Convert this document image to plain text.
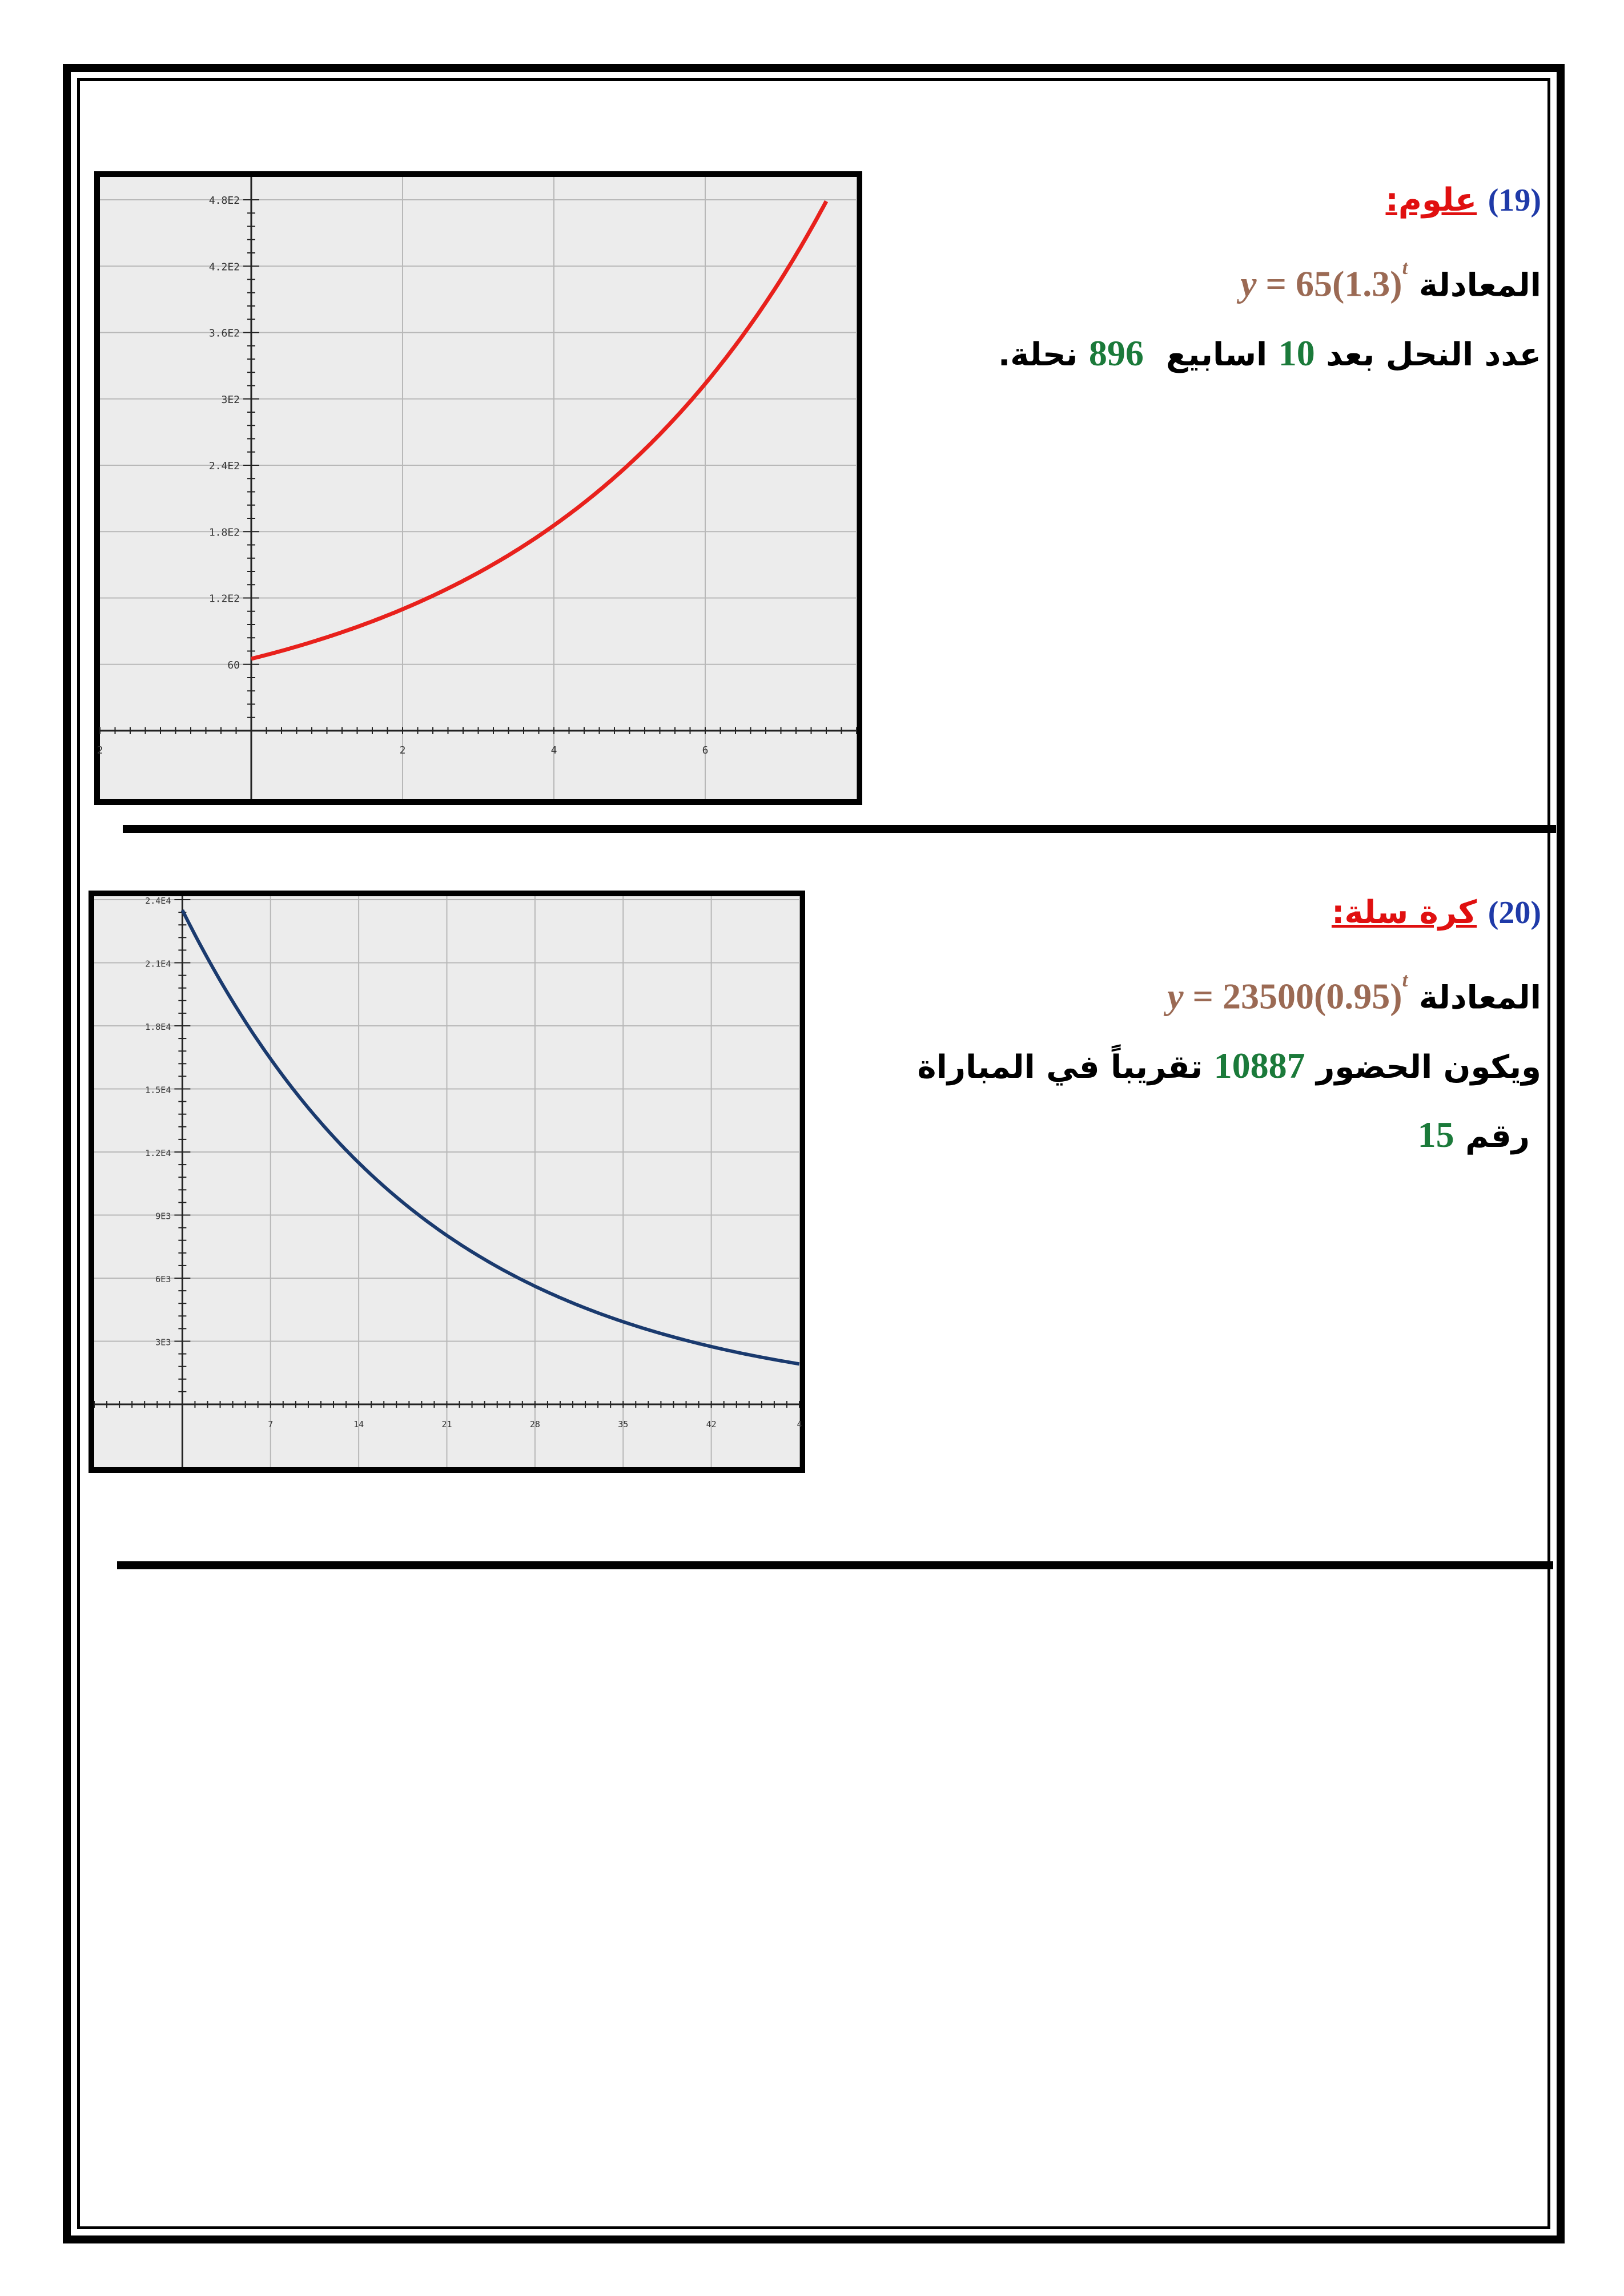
60
1.2E2
1.8E2
2.4E2
3E2
3.6E2
4.2E2
4.8E2
2	2	4	6
(19) علوم:
المعادلة $y = 65(1.3)^t$
عدد النحل بعد 10 اسابيع  896 نحلة.
3E3
6E3
9E3
1.2E4
1.5E4
1.8E4
2.1E4
2.4E4
7	14	21	28	35	42	4
(20) كرة سلة:
المعادلة $y = 23500(0.95)^t$
ويكون الحضور 10887 تقريباً في المباراة
رقم 15
